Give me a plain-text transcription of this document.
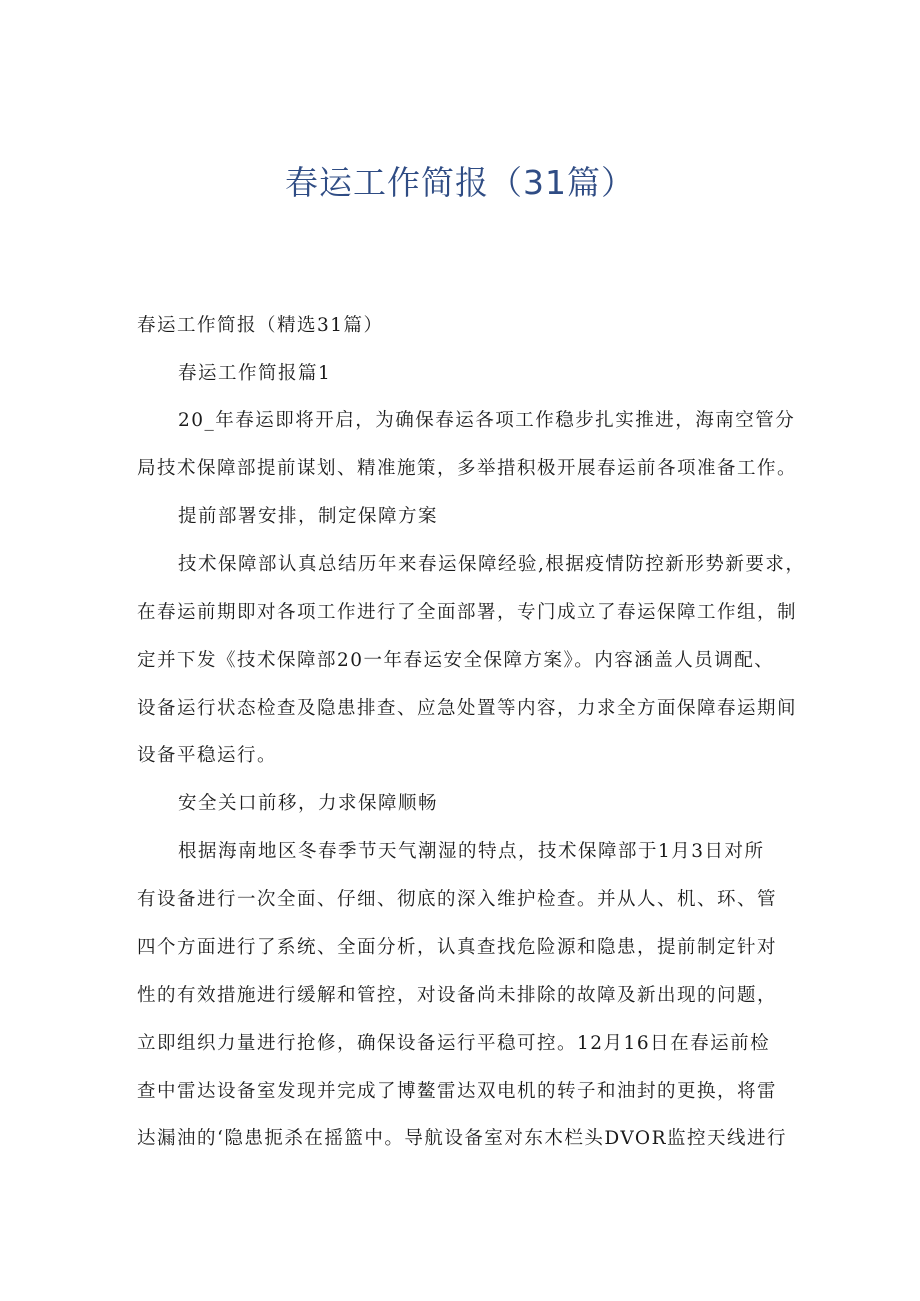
春运工作简报（31篇）
春运工作简报（精选31篇）
春运工作简报篇1
20_年春运即将开启，为确保春运各项工作稳步扎实推进，海南空管分
局技术保障部提前谋划、精准施策，多举措积极开展春运前各项准备工作。
提前部署安排，制定保障方案
技术保障部认真总结历年来春运保障经验,根据疫情防控新形势新要求，
在春运前期即对各项工作进行了全面部署，专门成立了春运保障工作组，制
定并下发《技术保障部20一年春运安全保障方案》。内容涵盖人员调配、
设备运行状态检查及隐患排查、应急处置等内容，力求全方面保障春运期间
设备平稳运行。
安全关口前移，力求保障顺畅
根据海南地区冬春季节天气潮湿的特点，技术保障部于1月3日对所
有设备进行一次全面、仔细、彻底的深入维护检查。并从人、机、环、管
四个方面进行了系统、全面分析，认真查找危险源和隐患，提前制定针对
性的有效措施进行缓解和管控，对设备尚未排除的故障及新出现的问题，
立即组织力量进行抢修，确保设备运行平稳可控。12月16日在春运前检
查中雷达设备室发现并完成了博鳌雷达双电机的转子和油封的更换，将雷
达漏油的‘隐患扼杀在摇篮中。导航设备室对东木栏头DVOR监控天线进行
